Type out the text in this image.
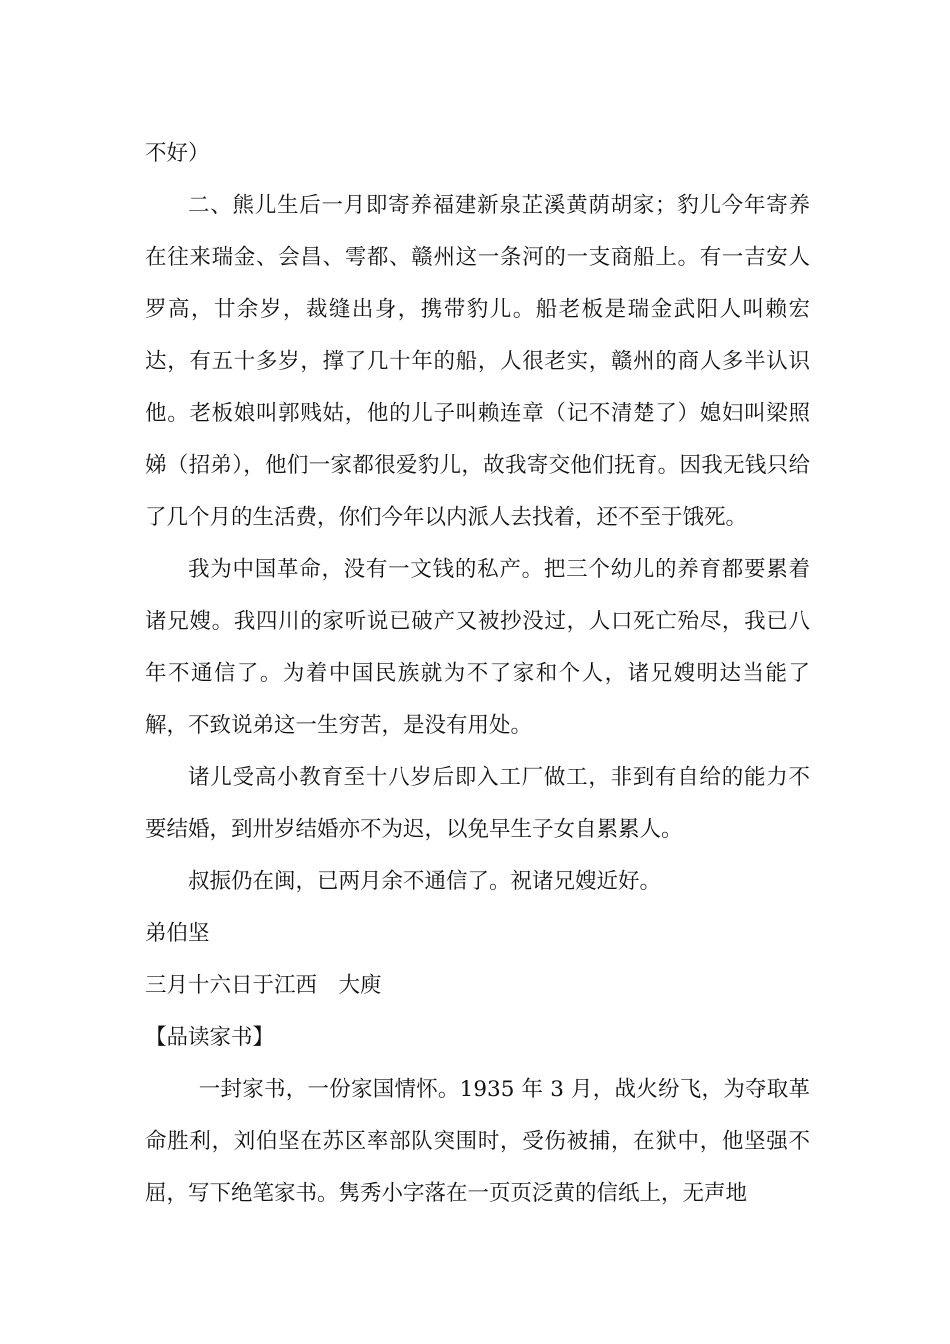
不好）

二、熊儿生后一月即寄养福建新泉芷溪黄荫胡家；豹儿今年寄养在往来瑞金、会昌、雩都、赣州这一条河的一支商船上。有一吉安人罗高，廿余岁，裁缝出身，携带豹儿。船老板是瑞金武阳人叫赖宏达，有五十多岁，撑了几十年的船，人很老实，赣州的商人多半认识他。老板娘叫郭贱姑，他的儿子叫赖连章（记不清楚了）媳妇叫梁照娣（招弟），他们一家都很爱豹儿，故我寄交他们抚育。因我无钱只给了几个月的生活费，你们今年以内派人去找着，还不至于饿死。

我为中国革命，没有一文钱的私产。把三个幼儿的养育都要累着诸兄嫂。我四川的家听说已破产又被抄没过，人口死亡殆尽，我已八年不通信了。为着中国民族就为不了家和个人，诸兄嫂明达当能了解，不致说弟这一生穷苦，是没有用处。

诸儿受高小教育至十八岁后即入工厂做工，非到有自给的能力不要结婚，到卅岁结婚亦不为迟，以免早生子女自累累人。

叔振仍在闽，已两月余不通信了。祝诸兄嫂近好。

弟伯坚

三月十六日于江西　大庾

【品读家书】

一封家书，一份家国情怀。1935 年 3 月，战火纷飞，为夺取革命胜利，刘伯坚在苏区率部队突围时，受伤被捕，在狱中，他坚强不屈，写下绝笔家书。隽秀小字落在一页页泛黄的信纸上，无声地
